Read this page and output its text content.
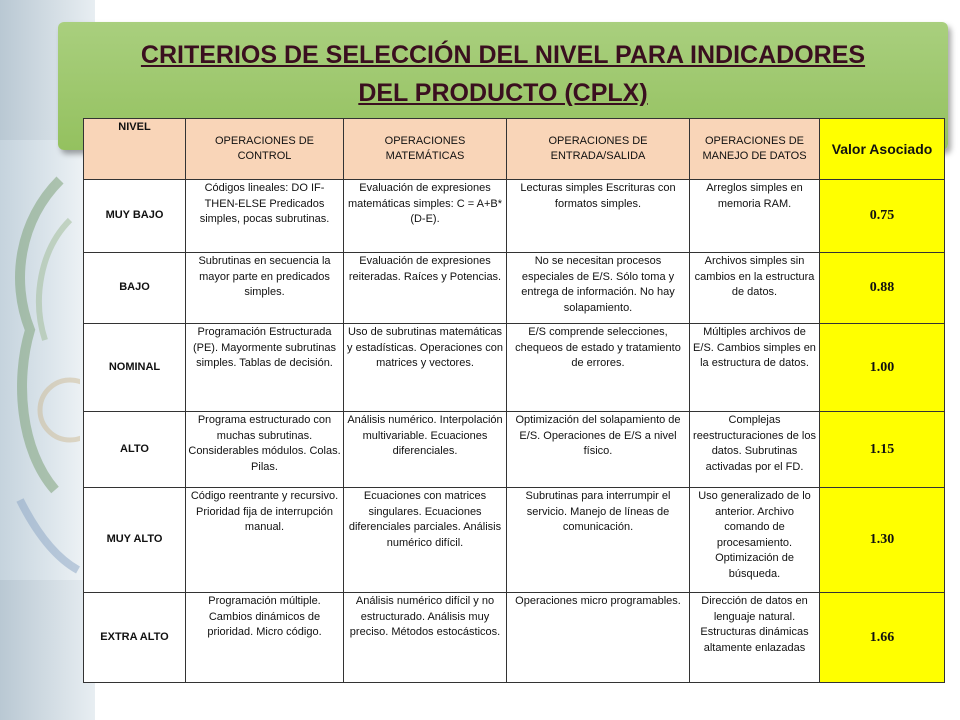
CRITERIOS DE SELECCIÓN DEL NIVEL PARA INDICADORES
DEL PRODUCTO (CPLX)
NIVEL	OPERACIONES DE CONTROL	OPERACIONES MATEMÁTICAS	OPERACIONES DE ENTRADA/SALIDA	OPERACIONES DE MANEJO DE DATOS	Valor Asociado
MUY BAJO	Códigos lineales: DO IF-THEN-ELSE Predicados simples, pocas subrutinas.	Evaluación de expresiones matemáticas simples: C = A+B*(D-E).	Lecturas simples Escrituras con formatos simples.	Arreglos simples en memoria RAM.	0.75
BAJO	Subrutinas en secuencia la mayor parte en predicados simples.	Evaluación de expresiones reiteradas. Raíces y Potencias.	No se necesitan procesos especiales de E/S. Sólo toma y entrega de información. No hay solapamiento.	Archivos simples sin cambios en la estructura de datos.	0.88
NOMINAL	Programación Estructurada (PE). Mayormente subrutinas simples. Tablas de decisión.	Uso de subrutinas matemáticas y estadísticas. Operaciones con matrices y vectores.	E/S comprende selecciones, chequeos de estado y tratamiento de errores.	Múltiples archivos de E/S. Cambios simples en la estructura de datos.	1.00
ALTO	Programa estructurado con muchas subrutinas. Considerables módulos. Colas. Pilas.	Análisis numérico. Interpolación multivariable. Ecuaciones diferenciales.	Optimización del solapamiento de E/S. Operaciones de E/S a nivel físico.	Complejas reestructuraciones de los datos. Subrutinas activadas por el FD.	1.15
MUY ALTO	Código reentrante y recursivo. Prioridad fija de interrupción manual.	Ecuaciones con matrices singulares. Ecuaciones diferenciales parciales. Análisis numérico difícil.	Subrutinas para interrumpir el servicio. Manejo de líneas de comunicación.	Uso generalizado de lo anterior. Archivo comando de procesamiento. Optimización de búsqueda.	1.30
EXTRA ALTO	Programación múltiple. Cambios dinámicos de prioridad. Micro código.	Análisis numérico difícil y no estructurado. Análisis muy preciso. Métodos estocásticos.	Operaciones micro programables.	Dirección de datos en lenguaje natural. Estructuras dinámicas altamente enlazadas	1.66
